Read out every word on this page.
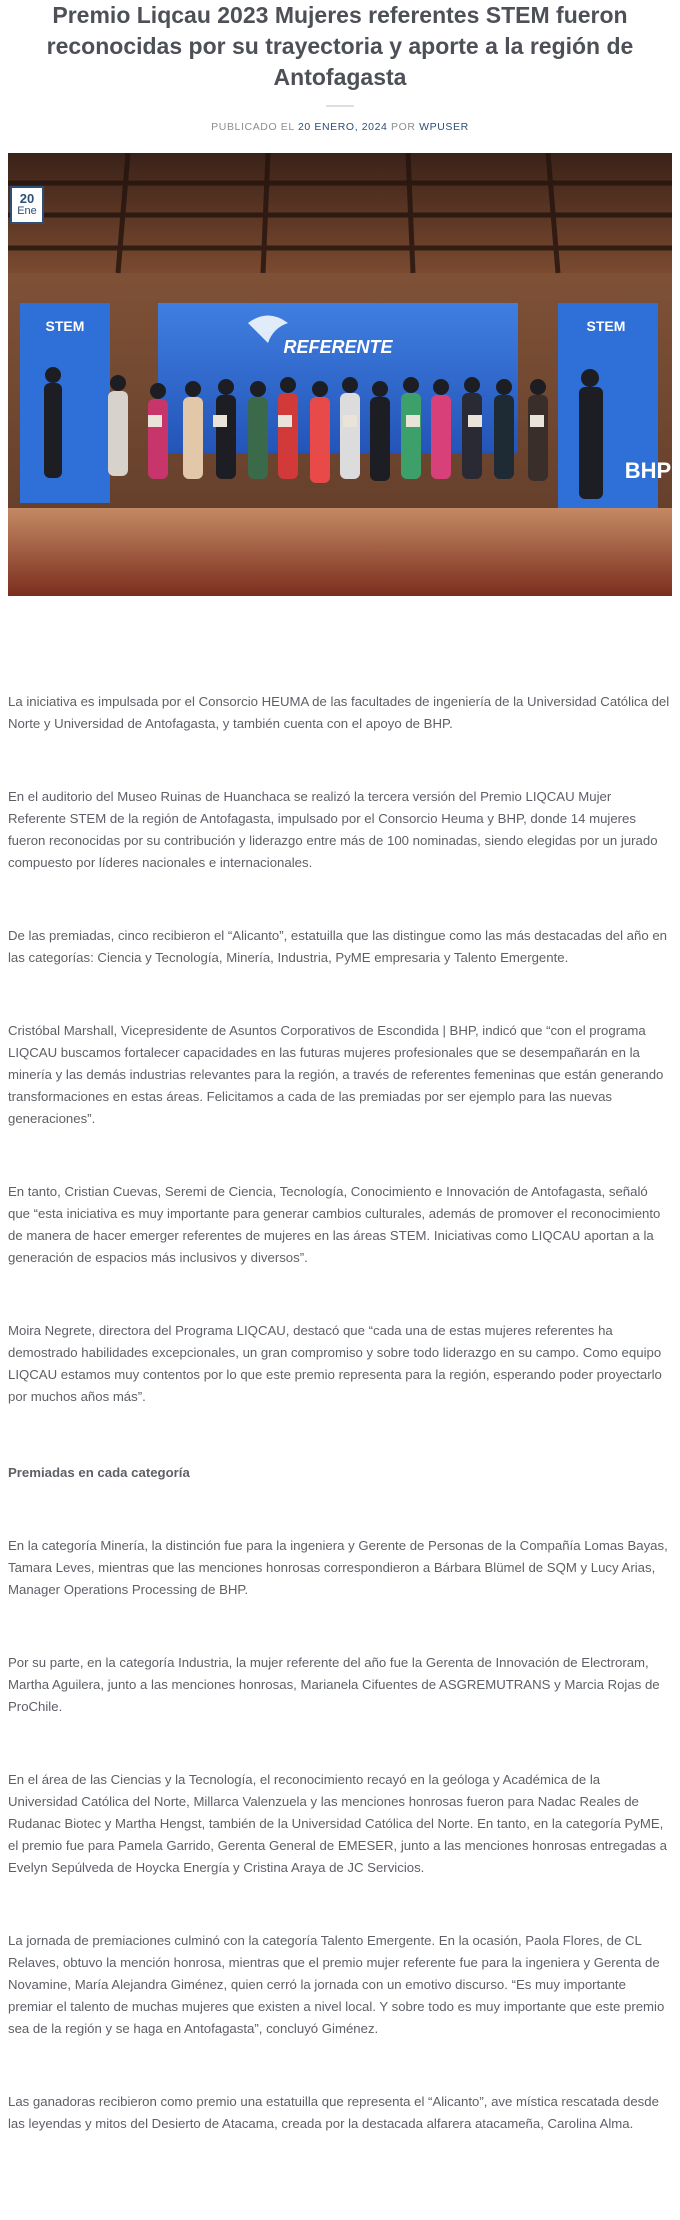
Premio Liqcau 2023 Mujeres referentes STEM fueron reconocidas por su trayectoria y aporte a la región de Antofagasta
PUBLICADO EL 20 ENERO, 2024 POR WPUSER
REFERENTE
STEM	STEM
BHP
20
Ene

La iniciativa es impulsada por el Consorcio HEUMA de las facultades de ingeniería de la Universidad Católica del Norte y Universidad de Antofagasta, y también cuenta con el apoyo de BHP.

En el auditorio del Museo Ruinas de Huanchaca se realizó la tercera versión del Premio LIQCAU Mujer Referente STEM de la región de Antofagasta, impulsado por el Consorcio Heuma y BHP, donde 14 mujeres fueron reconocidas por su contribución y liderazgo entre más de 100 nominadas, siendo elegidas por un jurado compuesto por líderes nacionales e internacionales.

De las premiadas, cinco recibieron el “Alicanto”, estatuilla que las distingue como las más destacadas del año en las categorías: Ciencia y Tecnología, Minería, Industria, PyME empresaria y Talento Emergente.

Cristóbal Marshall, Vicepresidente de Asuntos Corporativos de Escondida | BHP, indicó que “con el programa LIQCAU buscamos fortalecer capacidades en las futuras mujeres profesionales que se desempañarán en la minería y las demás industrias relevantes para la región, a través de referentes femeninas que están generando transformaciones en estas áreas. Felicitamos a cada de las premiadas por ser ejemplo para las nuevas generaciones”.

En tanto, Cristian Cuevas, Seremi de Ciencia, Tecnología, Conocimiento e Innovación de Antofagasta, señaló que “esta iniciativa es muy importante para generar cambios culturales, además de promover el reconocimiento de manera de hacer emerger referentes de mujeres en las áreas STEM. Iniciativas como LIQCAU aportan a la generación de espacios más inclusivos y diversos”.

Moira Negrete, directora del Programa LIQCAU, destacó que “cada una de estas mujeres referentes ha demostrado habilidades excepcionales, un gran compromiso y sobre todo liderazgo en su campo. Como equipo LIQCAU estamos muy contentos por lo que este premio representa para la región, esperando poder proyectarlo por muchos años más”.

Premiadas en cada categoría

En la categoría Minería, la distinción fue para la ingeniera y Gerente de Personas de la Compañía Lomas Bayas, Tamara Leves, mientras que las menciones honrosas correspondieron a Bárbara Blümel de SQM y Lucy Arias, Manager Operations Processing de BHP.

Por su parte, en la categoría Industria, la mujer referente del año fue la Gerenta de Innovación de Electroram, Martha Aguilera, junto a las menciones honrosas, Marianela Cifuentes de ASGREMUTRANS y Marcia Rojas de ProChile.

En el área de las Ciencias y la Tecnología, el reconocimiento recayó en la geóloga y Académica de la Universidad Católica del Norte, Millarca Valenzuela y las menciones honrosas fueron para Nadac Reales de Rudanac Biotec y Martha Hengst, también de la Universidad Católica del Norte. En tanto, en la categoría PyME, el premio fue para Pamela Garrido, Gerenta General de EMESER, junto a las menciones honrosas entregadas a Evelyn Sepúlveda de Hoycka Energía y Cristina Araya de JC Servicios.

La jornada de premiaciones culminó con la categoría Talento Emergente. En la ocasión, Paola Flores, de CL Relaves, obtuvo la mención honrosa, mientras que el premio mujer referente fue para la ingeniera y Gerenta de Novamine, María Alejandra Giménez, quien cerró la jornada con un emotivo discurso. “Es muy importante premiar el talento de muchas mujeres que existen a nivel local. Y sobre todo es muy importante que este premio sea de la región y se haga en Antofagasta”, concluyó Giménez.

Las ganadoras recibieron como premio una estatuilla que representa el “Alicanto”, ave mística rescatada desde las leyendas y mitos del Desierto de Atacama, creada por la destacada alfarera atacameña, Carolina Alma.
